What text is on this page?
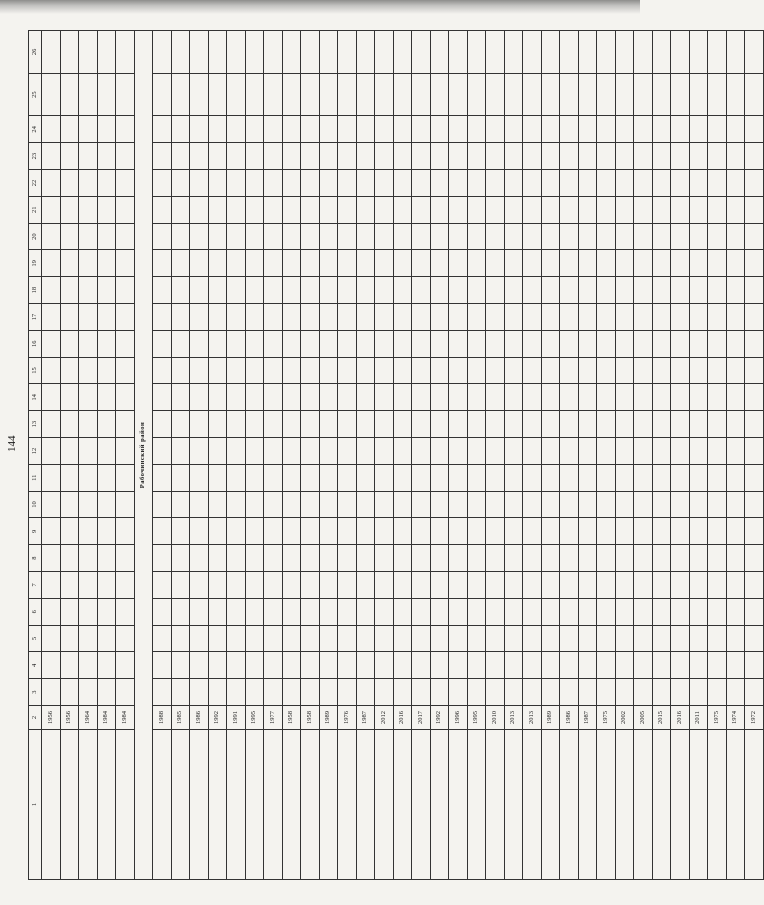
144
1	2	3	4	5	6	7	8	9	10	11	12	13	14	15	16	17	18	19	20	21	22	23	24	25	26
	1956																								
	1956																								
	1964																								
	1984																								
	1984																								
Рабочинский район																									
	1988																								
	1985																								
	1986																								
	1992																								
	1991																								
	1995																								
	1977																								
	1958																								
	1958																								
	1989																								
	1976																								
	1987																								
	2012																								
	2016																								
	2017																								
	1992																								
	1996																								
	1995																								
	2010																								
	2013																								
	2013																								
	1989																								
	1986																								
	1987																								
	1975																								
	2002																								
	2005																								
	2015																								
	2016																								
	2011																								
	1975																								
	1974																								
	1972																								
